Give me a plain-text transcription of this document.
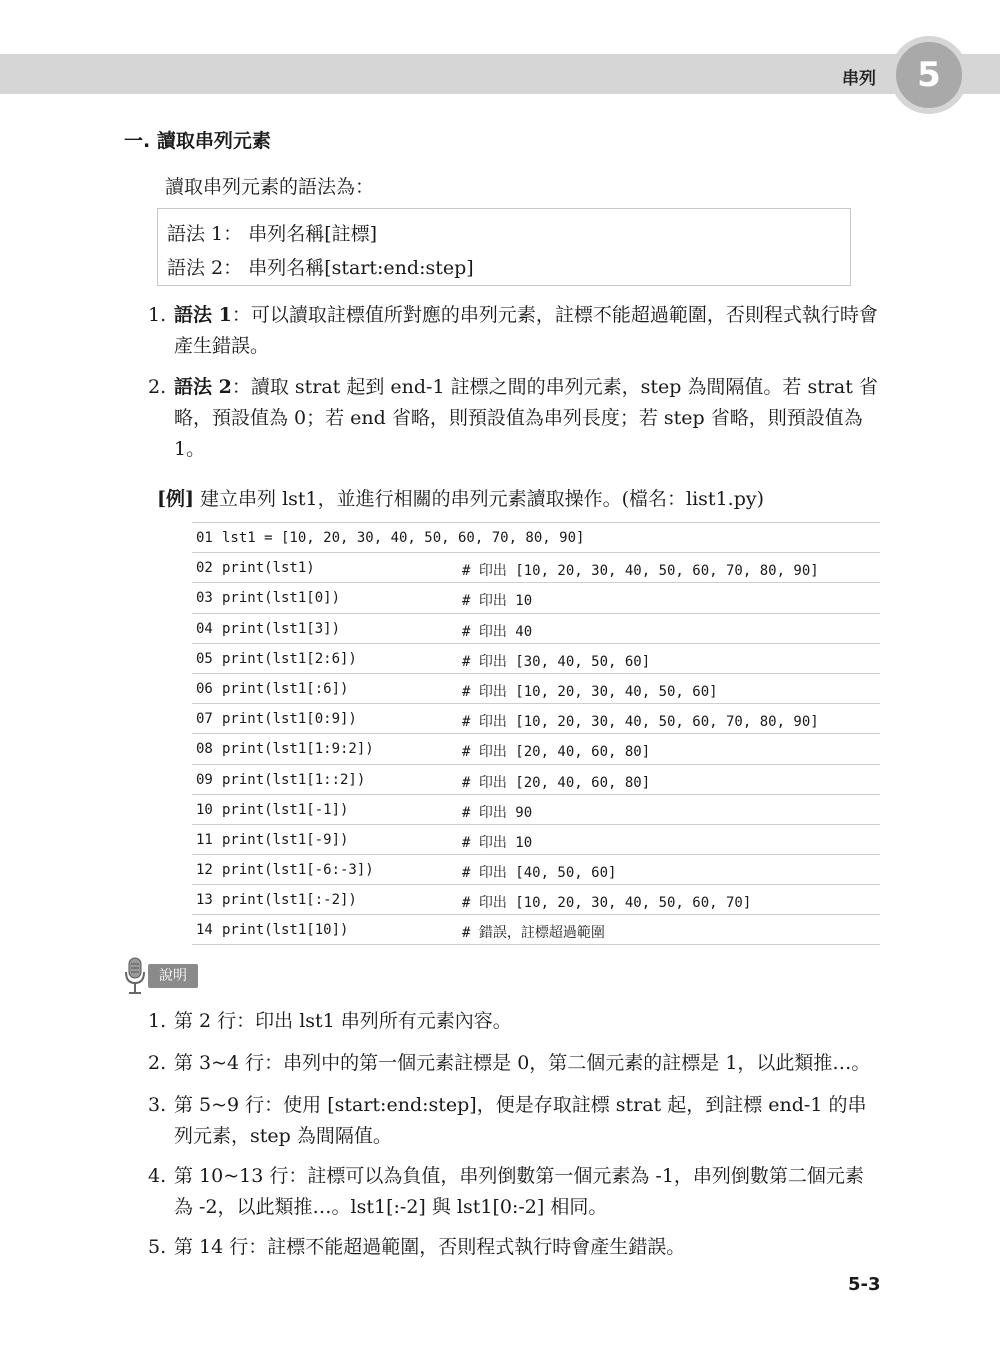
串列	5
一. 讀取串列元素
讀取串列元素的語法為：
語法 1： 串列名稱[註標]
語法 2： 串列名稱[start:end:step]
1. 語法 1：可以讀取註標值所對應的串列元素，註標不能超過範圍，否則程式執行時會產生錯誤。
2. 語法 2：讀取 strat 起到 end-1 註標之間的串列元素，step 為間隔值。若 strat 省略，預設值為 0；若 end 省略，則預設值為串列長度；若 step 省略，則預設值為 1。
[例] 建立串列 lst1，並進行相關的串列元素讀取操作。(檔名：list1.py)
01 lst1 = [10, 20, 30, 40, 50, 60, 70, 80, 90]
02 print(lst1)	# 印出 [10, 20, 30, 40, 50, 60, 70, 80, 90]
03 print(lst1[0])	# 印出 10
04 print(lst1[3])	# 印出 40
05 print(lst1[2:6])	# 印出 [30, 40, 50, 60]
06 print(lst1[:6])	# 印出 [10, 20, 30, 40, 50, 60]
07 print(lst1[0:9])	# 印出 [10, 20, 30, 40, 50, 60, 70, 80, 90]
08 print(lst1[1:9:2])	# 印出 [20, 40, 60, 80]
09 print(lst1[1::2])	# 印出 [20, 40, 60, 80]
10 print(lst1[-1])	# 印出 90
11 print(lst1[-9])	# 印出 10
12 print(lst1[-6:-3])	# 印出 [40, 50, 60]
13 print(lst1[:-2])	# 印出 [10, 20, 30, 40, 50, 60, 70]
14 print(lst1[10])	# 錯誤，註標超過範圍
說明
1. 第 2 行：印出 lst1 串列所有元素內容。
2. 第 3~4 行：串列中的第一個元素註標是 0，第二個元素的註標是 1，以此類推…。
3. 第 5~9 行：使用 [start:end:step]，便是存取註標 strat 起，到註標 end-1 的串列元素，step 為間隔值。
4. 第 10~13 行：註標可以為負值，串列倒數第一個元素為 -1，串列倒數第二個元素為 -2，以此類推…。lst1[:-2] 與 lst1[0:-2] 相同。
5. 第 14 行：註標不能超過範圍，否則程式執行時會產生錯誤。
5-3
